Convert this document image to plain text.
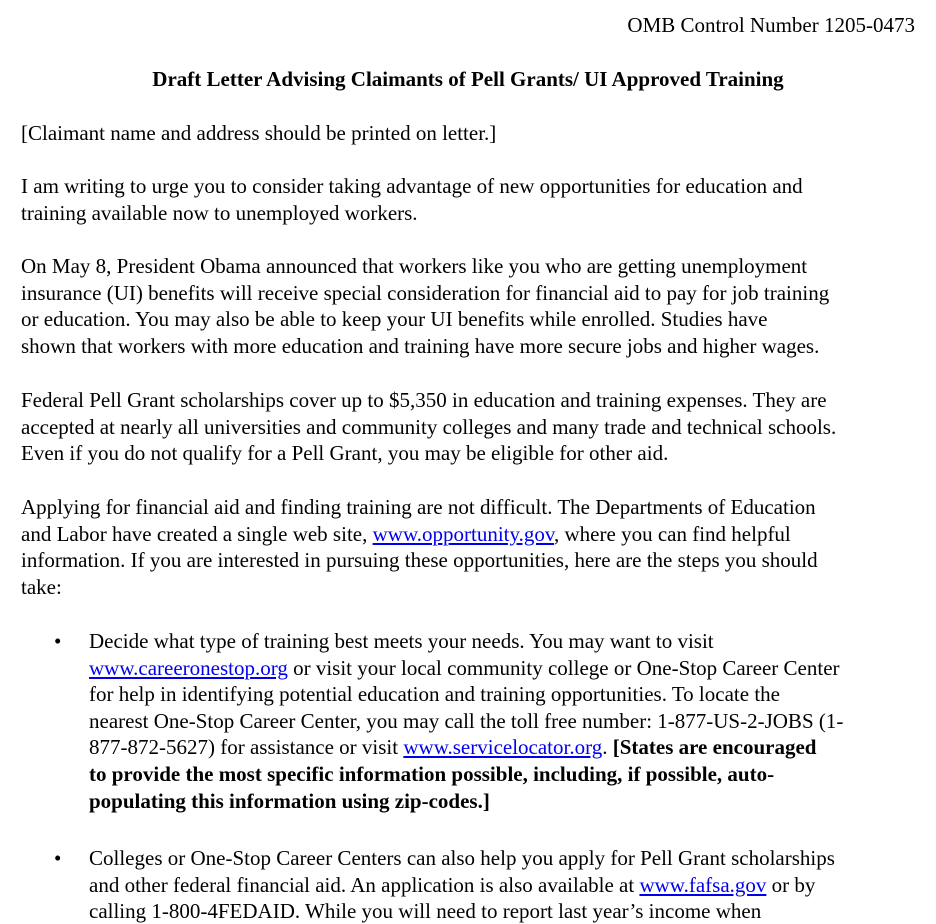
OMB Control Number 1205-0473
Draft Letter Advising Claimants of Pell Grants/ UI Approved Training
[Claimant name and address should be printed on letter.]
I am writing to urge you to consider taking advantage of new opportunities for education and
training available now to unemployed workers.
On May 8, President Obama announced that workers like you who are getting unemployment
insurance (UI) benefits will receive special consideration for financial aid to pay for job training
or education. You may also be able to keep your UI benefits while enrolled. Studies have
shown that workers with more education and training have more secure jobs and higher wages.
Federal Pell Grant scholarships cover up to $5,350 in education and training expenses. They are
accepted at nearly all universities and community colleges and many trade and technical schools.
Even if you do not qualify for a Pell Grant, you may be eligible for other aid.
Applying for financial aid and finding training are not difficult. The Departments of Education
and Labor have created a single web site, www.opportunity.gov, where you can find helpful
information. If you are interested in pursuing these opportunities, here are the steps you should
take:
• Decide what type of training best meets your needs. You may want to visit
www.careeronestop.org or visit your local community college or One-Stop Career Center
for help in identifying potential education and training opportunities. To locate the
nearest One-Stop Career Center, you may call the toll free number: 1-877-US-2-JOBS (1-
877-872-5627) for assistance or visit www.servicelocator.org. [States are encouraged
to provide the most specific information possible, including, if possible, auto-
populating this information using zip-codes.]
• Colleges or One-Stop Career Centers can also help you apply for Pell Grant scholarships
and other federal financial aid. An application is also available at www.fafsa.gov or by
calling 1-800-4FEDAID. While you will need to report last year’s income when
